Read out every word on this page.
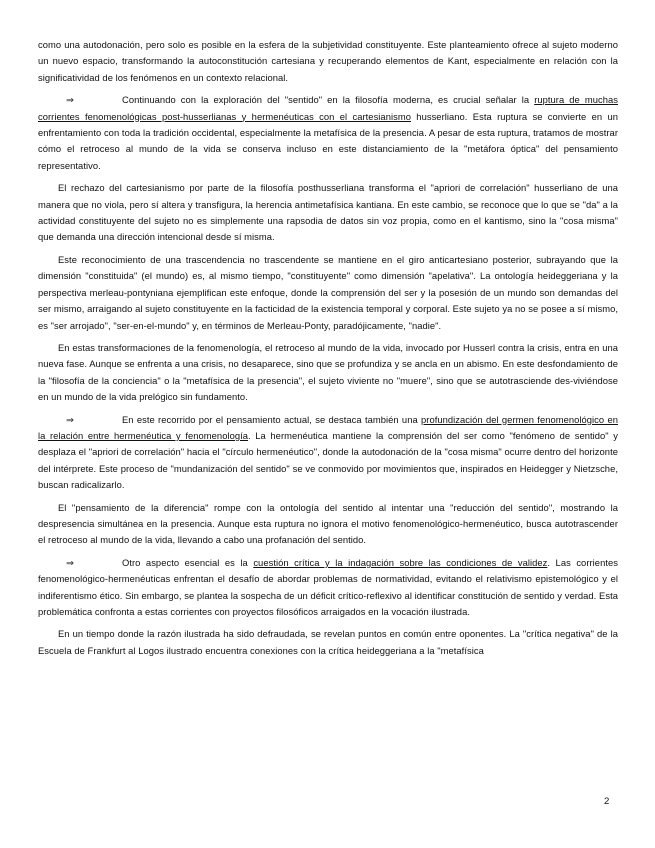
como una autodonación, pero solo es posible en la esfera de la subjetividad constituyente. Este planteamiento ofrece al sujeto moderno un nuevo espacio, transformando la autoconstitución cartesiana y recuperando elementos de Kant, especialmente en relación con la significatividad de los fenómenos en un contexto relacional.

⇒	Continuando con la exploración del "sentido" en la filosofía moderna, es crucial señalar la ruptura de muchas corrientes fenomenológicas post-husserlianas y hermenéuticas con el cartesianismo husserliano. Esta ruptura se convierte en un enfrentamiento con toda la tradición occidental, especialmente la metafísica de la presencia. A pesar de esta ruptura, tratamos de mostrar cómo el retroceso al mundo de la vida se conserva incluso en este distanciamiento de la "metáfora óptica" del pensamiento representativo.

El rechazo del cartesianismo por parte de la filosofía posthusserliana transforma el "apriori de correlación" husserliano de una manera que no viola, pero sí altera y transfigura, la herencia antimetafísica kantiana. En este cambio, se reconoce que lo que se "da" a la actividad constituyente del sujeto no es simplemente una rapsodia de datos sin voz propia, como en el kantismo, sino la "cosa misma" que demanda una dirección intencional desde sí misma.

Este reconocimiento de una trascendencia no trascendente se mantiene en el giro anticartesiano posterior, subrayando que la dimensión "constituida" (el mundo) es, al mismo tiempo, "constituyente" como dimensión "apelativa". La ontología heideggeriana y la perspectiva merleau-pontyniana ejemplifican este enfoque, donde la comprensión del ser y la posesión de un mundo son demandas del ser mismo, arraigando al sujeto constituyente en la facticidad de la existencia temporal y corporal. Este sujeto ya no se posee a sí mismo, es "ser arrojado", "ser-en-el-mundo" y, en términos de Merleau-Ponty, paradójicamente, "nadie".

En estas transformaciones de la fenomenología, el retroceso al mundo de la vida, invocado por Husserl contra la crisis, entra en una nueva fase. Aunque se enfrenta a una crisis, no desaparece, sino que se profundiza y se ancla en un abismo. En este desfondamiento de la "filosofía de la conciencia" o la "metafísica de la presencia", el sujeto viviente no "muere", sino que se autotrasciende des-viviéndose en un mundo de la vida prelógico sin fundamento.

⇒	En este recorrido por el pensamiento actual, se destaca también una profundización del germen fenomenológico en la relación entre hermenéutica y fenomenología. La hermenéutica mantiene la comprensión del ser como "fenómeno de sentido" y desplaza el "apriori de correlación" hacia el "círculo hermenéutico", donde la autodonación de la "cosa misma" ocurre dentro del horizonte del intérprete. Este proceso de "mundanización del sentido" se ve conmovido por movimientos que, inspirados en Heidegger y Nietzsche, buscan radicalizarlo.

El "pensamiento de la diferencia" rompe con la ontología del sentido al intentar una "reducción del sentido", mostrando la despresencia simultánea en la presencia. Aunque esta ruptura no ignora el motivo fenomenológico-hermenéutico, busca autotrascender el retroceso al mundo de la vida, llevando a cabo una profanación del sentido.

⇒	Otro aspecto esencial es la cuestión crítica y la indagación sobre las condiciones de validez. Las corrientes fenomenológico-hermenéuticas enfrentan el desafío de abordar problemas de normatividad, evitando el relativismo epistemológico y el indiferentismo ético. Sin embargo, se plantea la sospecha de un déficit crítico-reflexivo al identificar constitución de sentido y verdad. Esta problemática confronta a estas corrientes con proyectos filosóficos arraigados en la vocación ilustrada.

En un tiempo donde la razón ilustrada ha sido defraudada, se revelan puntos en común entre oponentes. La "crítica negativa" de la Escuela de Frankfurt al Logos ilustrado encuentra conexiones con la crítica heideggeriana a la "metafísica

2
